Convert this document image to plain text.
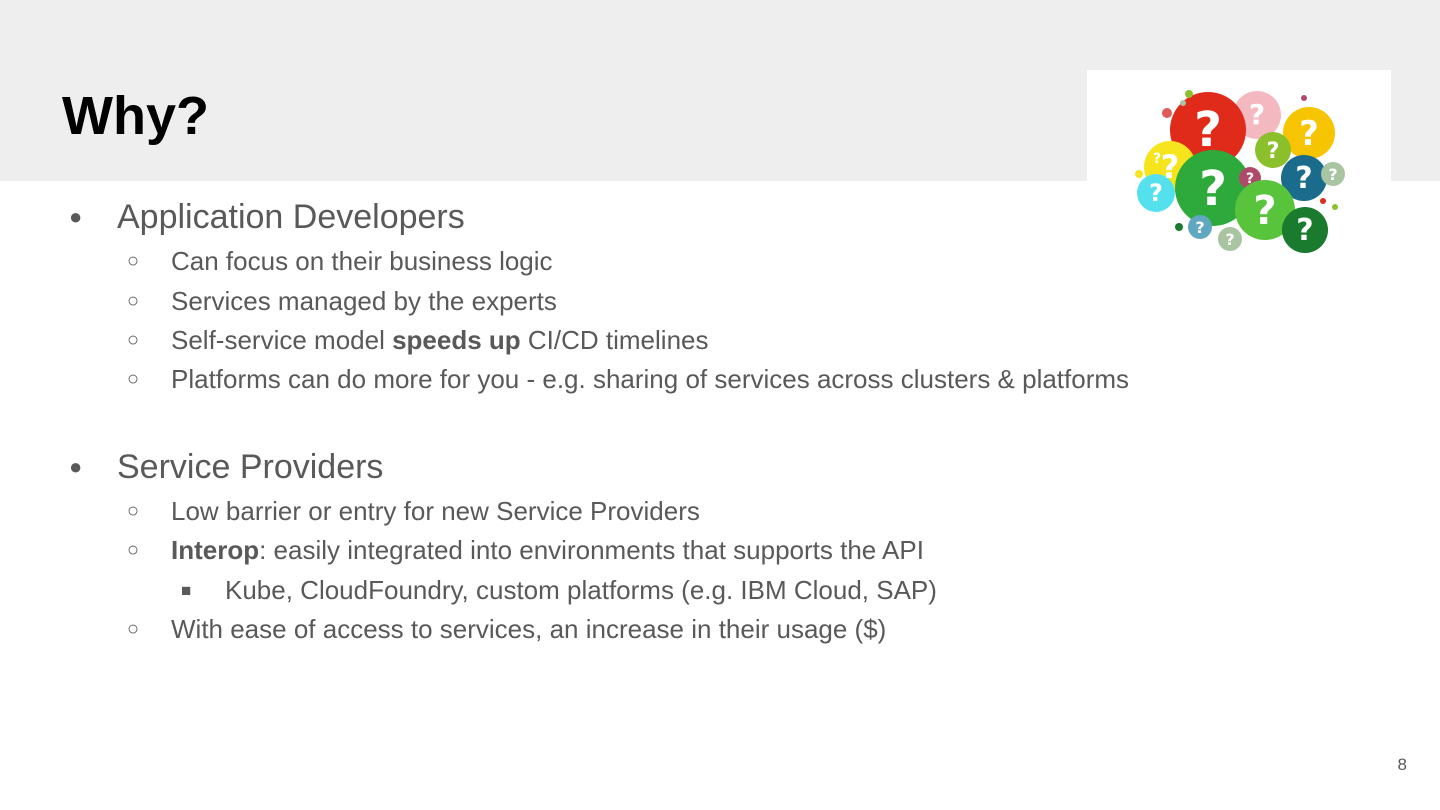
Why?
?
?
? ?
?
? ? ? ?
?	?
? ?
?
?
● Application Developers
○ Can focus on their business logic
○ Services managed by the experts
○ Self-service model speeds up CI/CD timelines
○ Platforms can do more for you - e.g. sharing of services across clusters & platforms
● Service Providers
○ Low barrier or entry for new Service Providers
○ Interop: easily integrated into environments that supports the API
■ Kube, CloudFoundry, custom platforms (e.g. IBM Cloud, SAP)
○ With ease of access to services, an increase in their usage ($)
8
